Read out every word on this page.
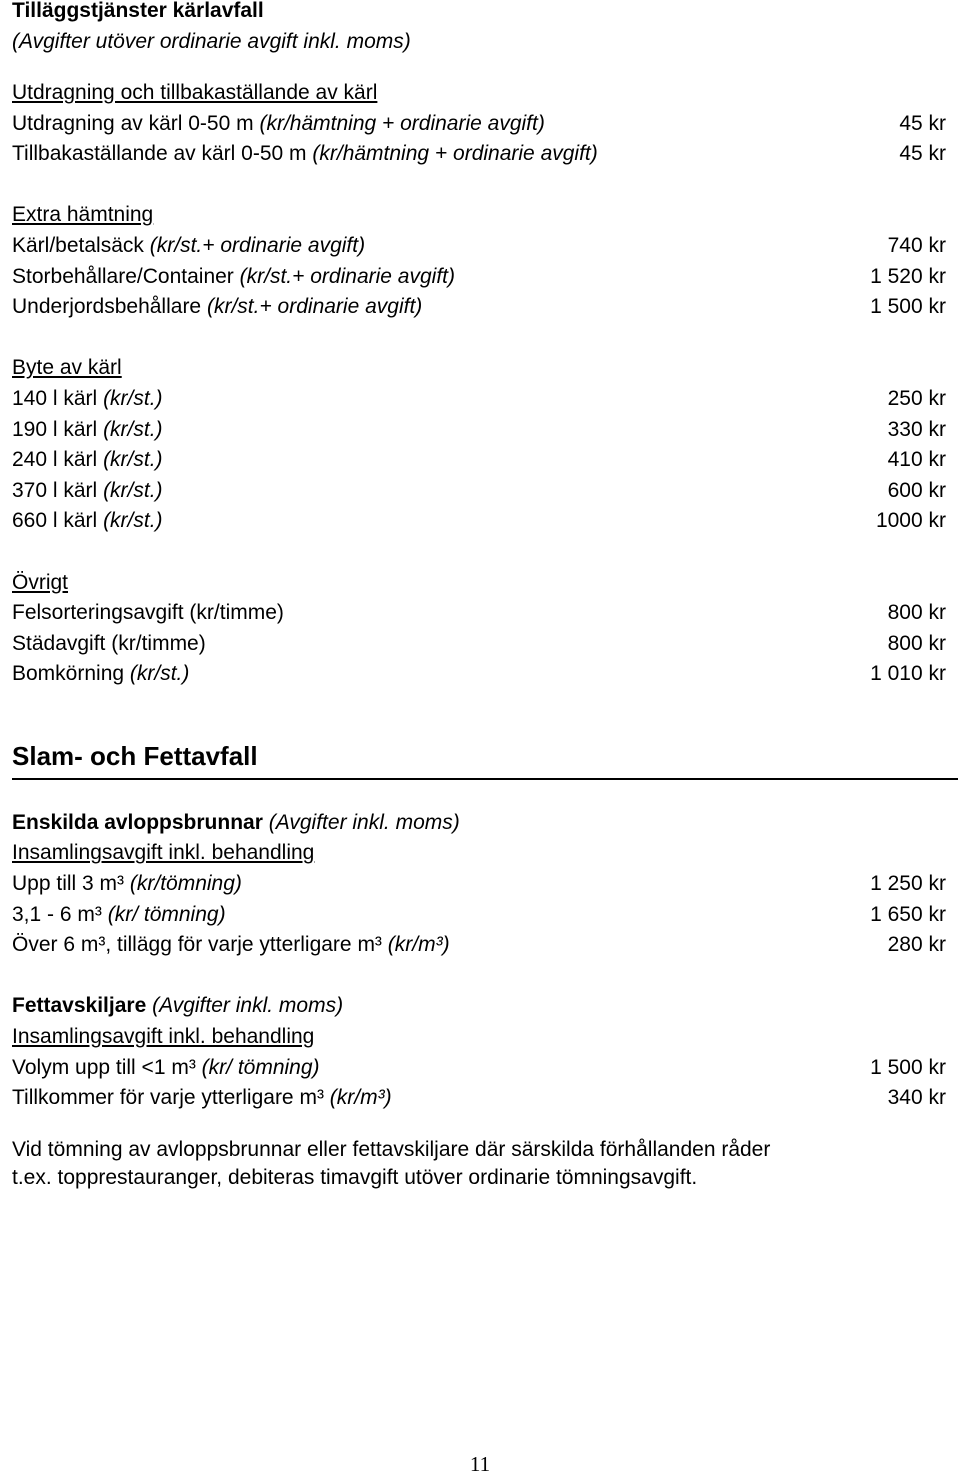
Tilläggstjänster kärlavfall
(Avgifter utöver ordinarie avgift inkl. moms)
Utdragning och tillbakaställande av kärl
Utdragning av kärl 0-50 m (kr/hämtning + ordinarie avgift)	45 kr
Tillbakaställande av kärl 0-50 m (kr/hämtning + ordinarie avgift)	45 kr
Extra hämtning
Kärl/betalsäck (kr/st.+ ordinarie avgift)	740 kr
Storbehållare/Container (kr/st.+ ordinarie avgift)	1 520 kr
Underjordsbehållare (kr/st.+ ordinarie avgift)	1 500 kr
Byte av kärl
140 l kärl (kr/st.)	250 kr
190 l kärl (kr/st.)	330 kr
240 l kärl (kr/st.)	410 kr
370 l kärl (kr/st.)	600 kr
660 l kärl (kr/st.)	1000 kr
Övrigt
Felsorteringsavgift (kr/timme)	800 kr
Städavgift (kr/timme)	800 kr
Bomkörning (kr/st.)	1 010 kr
Slam- och Fettavfall
Enskilda avloppsbrunnar (Avgifter inkl. moms)
Insamlingsavgift inkl. behandling
Upp till 3 m³ (kr/tömning)	1 250 kr
3,1 - 6 m³ (kr/ tömning)	1 650 kr
Över 6 m³, tillägg för varje ytterligare m³ (kr/m³)	280 kr
Fettavskiljare (Avgifter inkl. moms)
Insamlingsavgift inkl. behandling
Volym upp till <1 m³ (kr/ tömning)	1 500 kr
Tillkommer för varje ytterligare m³ (kr/m³)	340 kr
Vid tömning av avloppsbrunnar eller fettavskiljare där särskilda förhållanden råder t.ex. topprestauranger, debiteras timavgift utöver ordinarie tömningsavgift.
11
